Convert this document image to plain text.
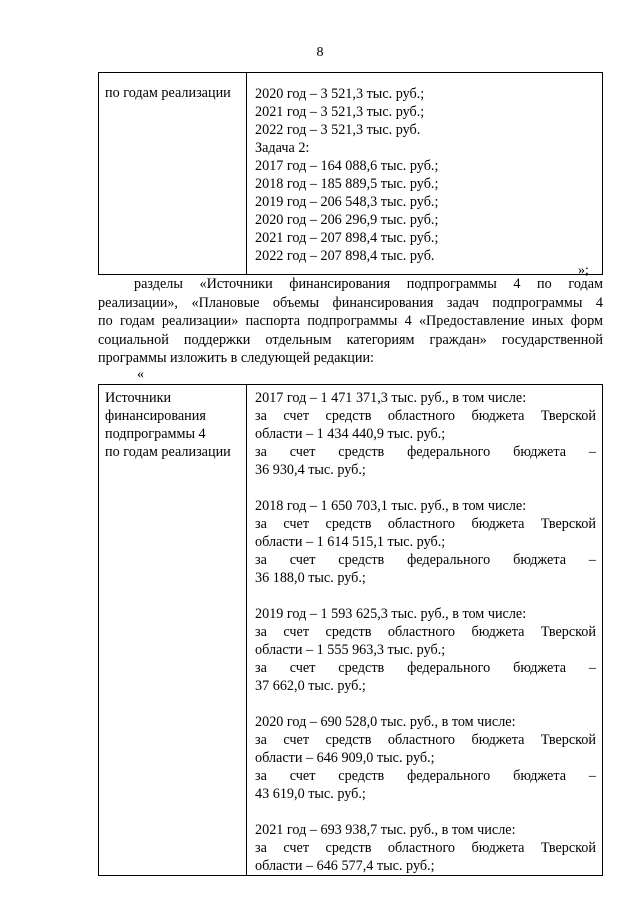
8
по годам реализации	2020 год – 3 521,3 тыс. руб.;
2021 год – 3 521,3 тыс. руб.;
2022 год – 3 521,3 тыс. руб.
Задача 2:
2017 год – 164 088,6 тыс. руб.;
2018 год – 185 889,5 тыс. руб.;
2019 год – 206 548,3 тыс. руб.;
2020 год – 206 296,9 тыс. руб.;
2021 год – 207 898,4 тыс. руб.;
2022 год – 207 898,4 тыс. руб.
»;
разделы «Источники финансирования подпрограммы 4 по годам
реализации», «Плановые объемы финансирования задач подпрограммы 4
по годам реализации» паспорта подпрограммы 4 «Предоставление иных форм
социальной поддержки отдельным категориям граждан» государственной
программы изложить в следующей редакции:
«
Источники
финансирования
подпрограммы 4
по годам реализации

2017 год – 1 471 371,3 тыс. руб., в том числе:
за счет средств областного бюджета Тверской
области – 1 434 440,9 тыс. руб.;
за счет средств федерального бюджета –
36 930,4 тыс. руб.;
2018 год – 1 650 703,1 тыс. руб., в том числе:
за счет средств областного бюджета Тверской
области – 1 614 515,1 тыс. руб.;
за счет средств федерального бюджета –
36 188,0 тыс. руб.;
2019 год – 1 593 625,3 тыс. руб., в том числе:
за счет средств областного бюджета Тверской
области – 1 555 963,3 тыс. руб.;
за счет средств федерального бюджета –
37 662,0 тыс. руб.;
2020 год – 690 528,0 тыс. руб., в том числе:
за счет средств областного бюджета Тверской
области – 646 909,0 тыс. руб.;
за счет средств федерального бюджета –
43 619,0 тыс. руб.;
2021 год – 693 938,7 тыс. руб., в том числе:
за счет средств областного бюджета Тверской
области – 646 577,4 тыс. руб.;
